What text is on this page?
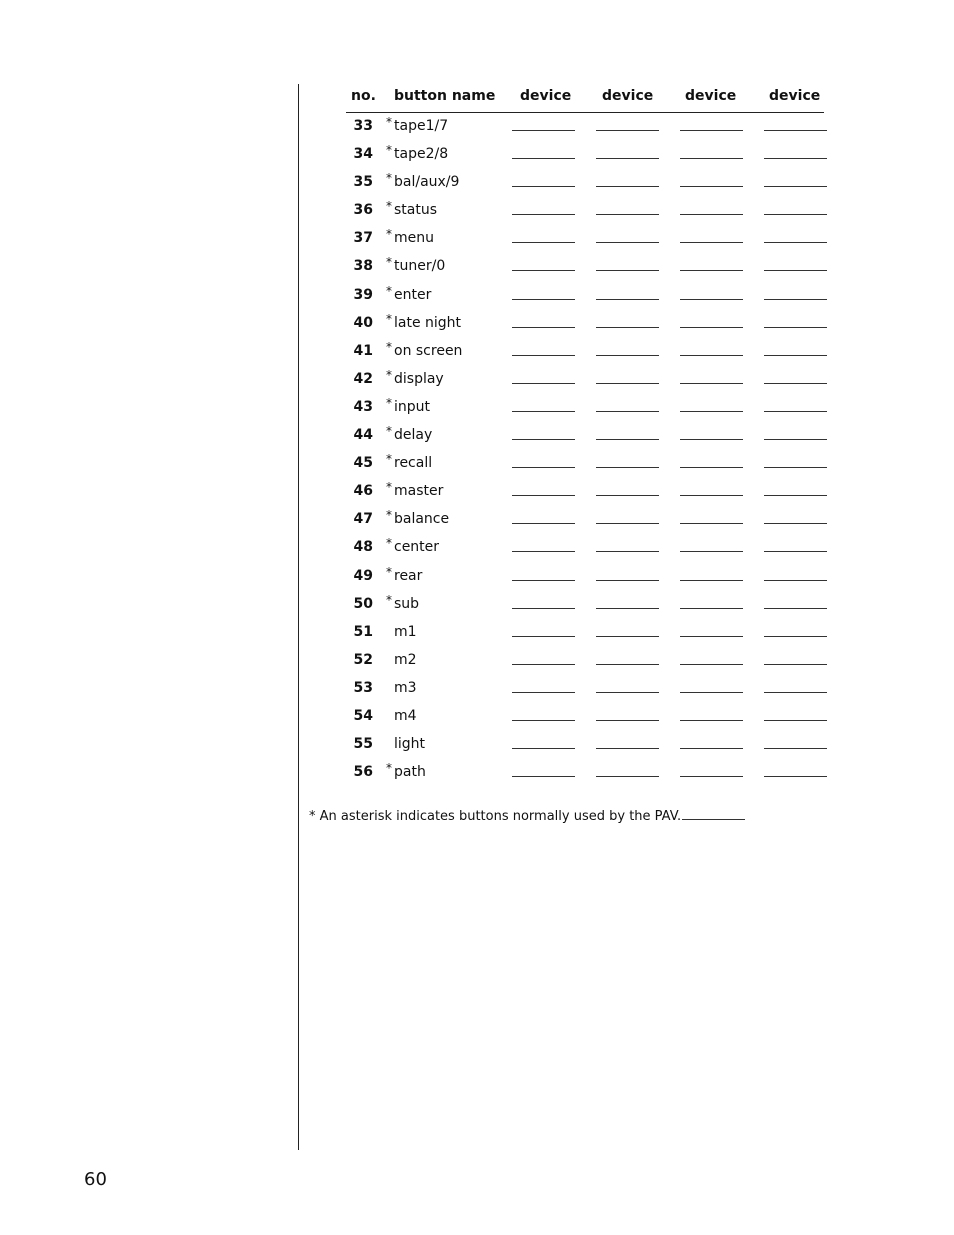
no. button name device device device device
33 * tape1/7
34 * tape2/8
35 * bal/aux/9
36 * status
37 * menu
38 * tuner/0
39 * enter
40 * late night
41 * on screen
42 * display
43 * input
44 * delay
45 * recall
46 * master
47 * balance
48 * center
49 * rear
50 * sub
51 m1
52 m2
53 m3
54 m4
55 light
56 * path
* An asterisk indicates buttons normally used by the PAV.
60
